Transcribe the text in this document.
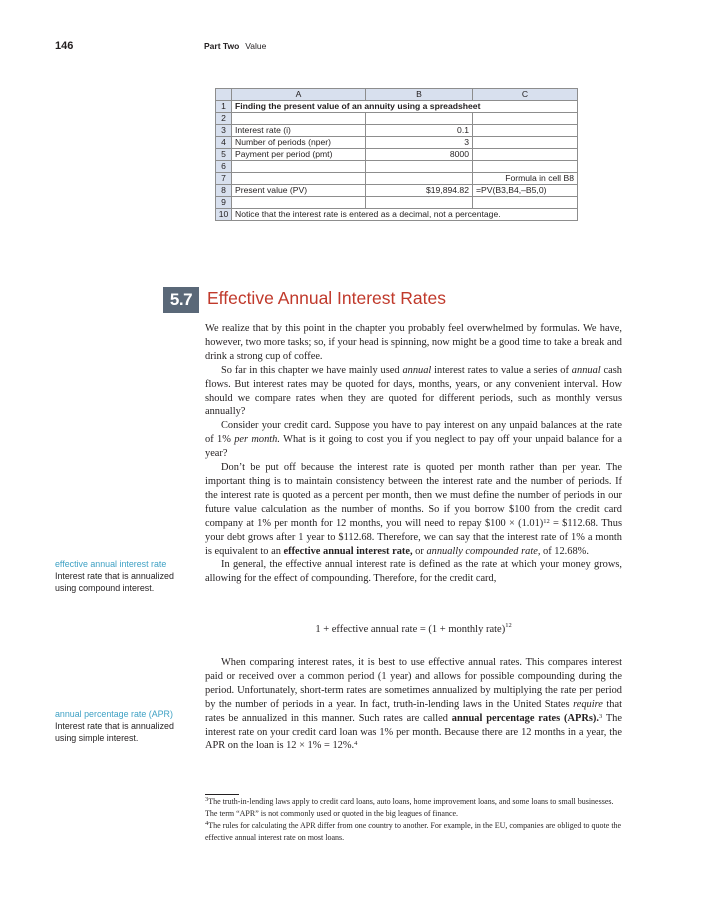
146	Part Two Value
	A	B	C
1	Finding the present value of an annuity using a spreadsheet		
2			
3	Interest rate (i)	0.1	
4	Number of periods (nper)	3	
5	Payment per period (pmt)	8000	
6			
7			Formula in cell B8
8	Present value (PV)	$19,894.82	=PV(B3,B4,–B5,0)
9			
10	Notice that the interest rate is entered as a decimal, not a percentage.		
5.7 Effective Annual Interest Rates

We realize that by this point in the chapter you probably feel overwhelmed by formulas. We have, however, two more tasks; so, if your head is spinning, now might be a good time to take a break and drink a strong cup of coffee.

So far in this chapter we have mainly used annual interest rates to value a series of annual cash flows. But interest rates may be quoted for days, months, years, or any convenient interval. How should we compare rates when they are quoted for different periods, such as monthly versus annually?

Consider your credit card. Suppose you have to pay interest on any unpaid balances at the rate of 1% per month. What is it going to cost you if you neglect to pay off your unpaid balance for a year?

Don’t be put off because the interest rate is quoted per month rather than per year. The important thing is to maintain consistency between the interest rate and the number of periods. If the interest rate is quoted as a percent per month, then we must define the number of periods in our future value calculation as the number of months. So if you borrow $100 from the credit card company at 1% per month for 12 months, you will need to repay $100 × $(1.01)^{12}$ = $112.68. Thus your debt grows after 1 year to $112.68. Therefore, we can say that the interest rate of 1% a month is equivalent to an effective annual interest rate, or annually compounded rate, of 12.68%.

In general, the effective annual interest rate is defined as the rate at which your money grows, allowing for the effect of compounding. Therefore, for the credit card,

1 + effective annual rate = (1 + monthly rate)$^{12}$

When comparing interest rates, it is best to use effective annual rates. This compares interest paid or received over a common period (1 year) and allows for possible compounding during the period. Unfortunately, short-term rates are sometimes annualized by multiplying the rate per period by the number of periods in a year. In fact, truth-in-lending laws in the United States require that rates be annualized in this manner. Such rates are called annual percentage rates (APRs).$^3$ The interest rate on your credit card loan was 1% per month. Because there are 12 months in a year, the APR on the loan is 12 × 1% = 12%.$^4$

effective annual interest rate
Interest rate that is annualized using compound interest.
annual percentage rate (APR)
Interest rate that is annualized using simple interest.

$^3$The truth-in-lending laws apply to credit card loans, auto loans, home improvement loans, and some loans to small businesses. The term “APR” is not commonly used or quoted in the big leagues of finance.

$^4$The rules for calculating the APR differ from one country to another. For example, in the EU, companies are obliged to quote the effective annual interest rate on most loans.
